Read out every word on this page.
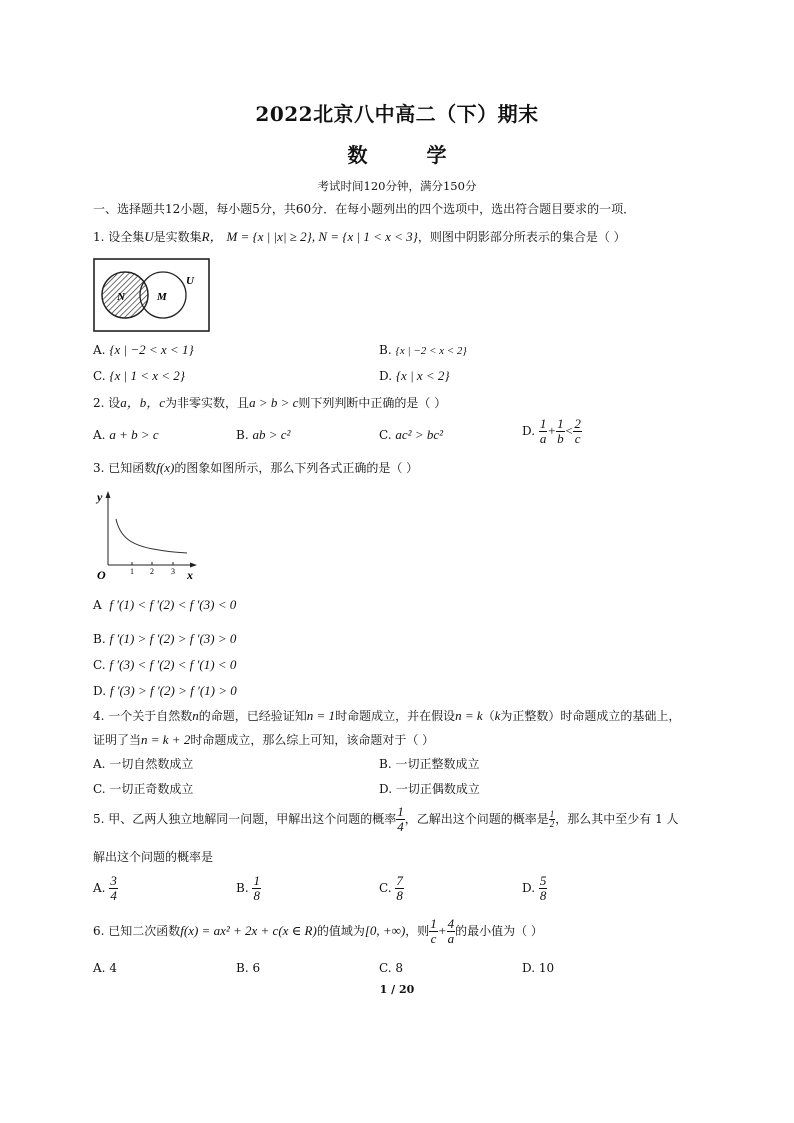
2022北京八中高二（下）期末
数 学
考试时间120分钟，满分150分
一、选择题共12小题，每小题5分，共60分．在每小题列出的四个选项中，选出符合题目要求的一项．
1. 设全集U是实数集R， M = {x | |x| ≥ 2}, N = {x | 1 < x < 3}，则图中阴影部分所表示的集合是（ ）
N	M
U
A. {x | −2 < x < 1}	B. {x | −2 < x < 2}
C. {x | 1 < x < 2}	D. {x | x < 2}
2. 设a，b，c为非零实数，且a > b > c则下列判断中正确的是（ ）
A. a + b > c	B. ab > c²	C. ac² > bc²	D. $\frac{1}{a} + \frac{1}{b} < \frac{2}{c}$
3. 已知函数f(x)的图象如图所示，那么下列各式正确的是（ ）
y
O	x
1 2 3
A f ′(1) < f ′(2) < f ′(3) < 0
B. f ′(1) > f ′(2) > f ′(3) > 0
C. f ′(3) < f ′(2) < f ′(1) < 0
D. f ′(3) > f ′(2) > f ′(1) > 0
4. 一个关于自然数n的命题，已经验证知n = 1时命题成立，并在假设n = k（k为正整数）时命题成立的基础上，
证明了当n = k + 2时命题成立，那么综上可知，该命题对于（ ）
A. 一切自然数成立	B. 一切正整数成立
C. 一切正奇数成立	D. 一切正偶数成立
5. 甲、乙两人独立地解同一问题，甲解出这个问题的概率 $\frac{1}{4}$ ，乙解出这个问题的概率是 $\frac{1}{2}$ ，那么其中至少有 1 人
解出这个问题的概率是
A. $\frac{3}{4}$	B. $\frac{1}{8}$	C. $\frac{7}{8}$	D. $\frac{5}{8}$
6. 已知二次函数f(x) = ax² + 2x + c(x ∈ R)的值域为[0, +∞)，则 $\frac{1}{c} + \frac{4}{a}$ 的最小值为（ ）
A. 4	B. 6	C. 8	D. 10
1 / 20
